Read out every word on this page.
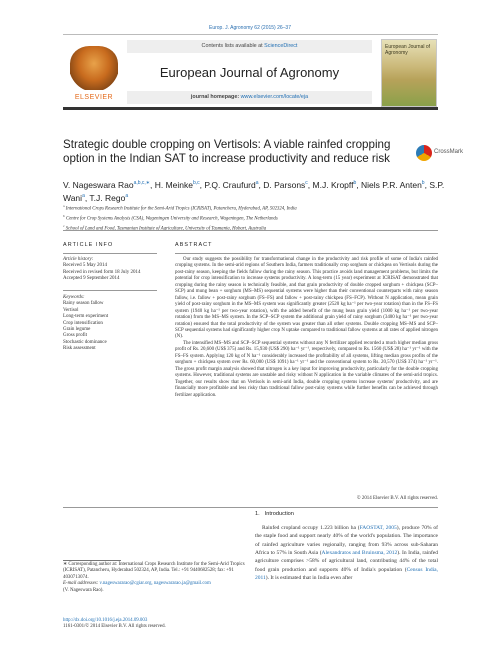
Europ. J. Agronomy 62 (2015) 26–37
ELSEVIER
Contents lists available at ScienceDirect
European Journal of Agronomy
journal homepage: www.elsevier.com/locate/eja
European Journal of Agronomy
Strategic double cropping on Vertisols: A viable rainfed cropping option in the Indian SAT to increase productivity and reduce risk	CrossMark
V. Nageswara Rao$^{a,b,c,∗}$, H. Meinke$^{b,c}$, P.Q. Craufurd$^a$, D. Parsons$^c$, M.J. Kropff$^b$, Niels P.R. Anten$^b$, S.P. Wani$^a$, T.J. Rego$^a$
$^a$ International Crops Research Institute for the Semi-Arid Tropics (ICRISAT), Patancheru, Hyderabad, AP, 502324, India
$^b$ Centre for Crop Systems Analysis (CSA), Wageningen University and Research, Wageningen, The Netherlands
$^c$ School of Land and Food, Tasmanian Institute of Agriculture, University of Tasmania, Hobart, Australia
ARTICLE INFO
Article history:
Received 5 May 2014
Received in revised form 18 July 2014
Accepted 9 September 2014
Keywords:
Rainy season fallow
Vertisol
Long-term experiment
Crop intensification
Grain legume
Gross profit
Stochastic dominance
Risk assessment
ABSTRACT

Our study suggests the possibility for transformational change in the productivity and risk profile of some of India's rainfed cropping systems. In the semi-arid regions of Southern India, farmers traditionally crop sorghum or chickpea on Vertisols during the post-rainy season, keeping the fields fallow during the rainy season. This practice avoids land management problems, but limits the potential for crop intensification to increase systems productivity. A long-term (15 year) experiment at ICRISAT demonstrated that cropping during the rainy season is technically feasible, and that grain productivity of double cropped sorghum + chickpea (SCP–SCP) and mung bean + sorghum (MS–MS) sequential systems were higher than their conventional counterparts with rainy season fallow, i.e. fallow + post-rainy sorghum (FS–FS) and fallow + post-rainy chickpea (FS–FCP). Without N application, mean grain yield of post-rainy sorghum in the MS–MS system was significantly greater (2520 kg ha⁻¹ per two-year rotation) than in the FS–FS system (1940 kg ha⁻¹ per two-year rotation), with the added benefit of the mung bean grain yield (1000 kg ha⁻¹ per two-year rotation) from the MS–MS system. In the SCP–SCP system the additional grain yield of rainy sorghum (3400 kg ha⁻¹ per two-year rotation) ensured that the total productivity of the system was greater than all other systems. Double cropping MS–MS and SCP–SCP sequential systems had significantly higher crop N uptake compared to traditional fallow systems at all rates of applied nitrogen (N).

The intensified MS–MS and SCP–SCP sequential systems without any N fertilizer applied recorded a much higher median gross profit of Rs. 20,600 (US$ 375) and Rs. 15,930 (US$ 290) ha⁻¹ yr⁻¹, respectively, compared to Rs. 1560 (US$ 28) ha⁻¹ yr⁻¹ with the FS–FS system. Applying 120 kg of N ha⁻¹ considerably increased the profitability of all systems, lifting median gross profits of the sorghum + chickpea system over Rs. 60,000 (US$ 1091) ha⁻¹ yr⁻¹ and the conventional system to Rs. 20,570 (US$ 374) ha⁻¹ yr⁻¹. The gross profit margin analysis showed that nitrogen is a key input for improving productivity, particularly for the double cropping systems. However, traditional systems are unstable and risky without N application in the variable climates of the semi-arid tropics. Together, our results show that on Vertisols in semi-arid India, double cropping systems increase systems' productivity, and are financially more profitable and less risky than traditional fallow post-rainy systems while further benefits can be achieved through fertilizer application.

© 2014 Elsevier B.V. All rights reserved.
1. Introduction

Rainfed cropland occupy 1.223 billion ha (FAOSTAT, 2005), produce 70% of the staple food and support nearly 40% of the world's population. The importance of rainfed agriculture varies regionally, ranging from 93% across sub-Saharan Africa to 57% in South Asia (Alexandratos and Bruinsma, 2012). In India, rainfed agriculture comprises >58% of agricultural land, contributing 44% of the total food grain production and supports 40% of India's population (Census India, 2011). It is estimated that in India even after

∗ Corresponding author at: International Crops Research Institute for the Semi-Arid Tropics (ICRISAT), Patancheru, Hyderabad 502324, AP, India. Tel.: +91 9440682528; fax: +91 4030713074.
E-mail addresses: v.nageswararao@cgiar.org, nageswararao.ja@gmail.com
(V. Nageswara Rao).
http://dx.doi.org/10.1016/j.eja.2014.09.003
1161-0301/© 2014 Elsevier B.V. All rights reserved.
